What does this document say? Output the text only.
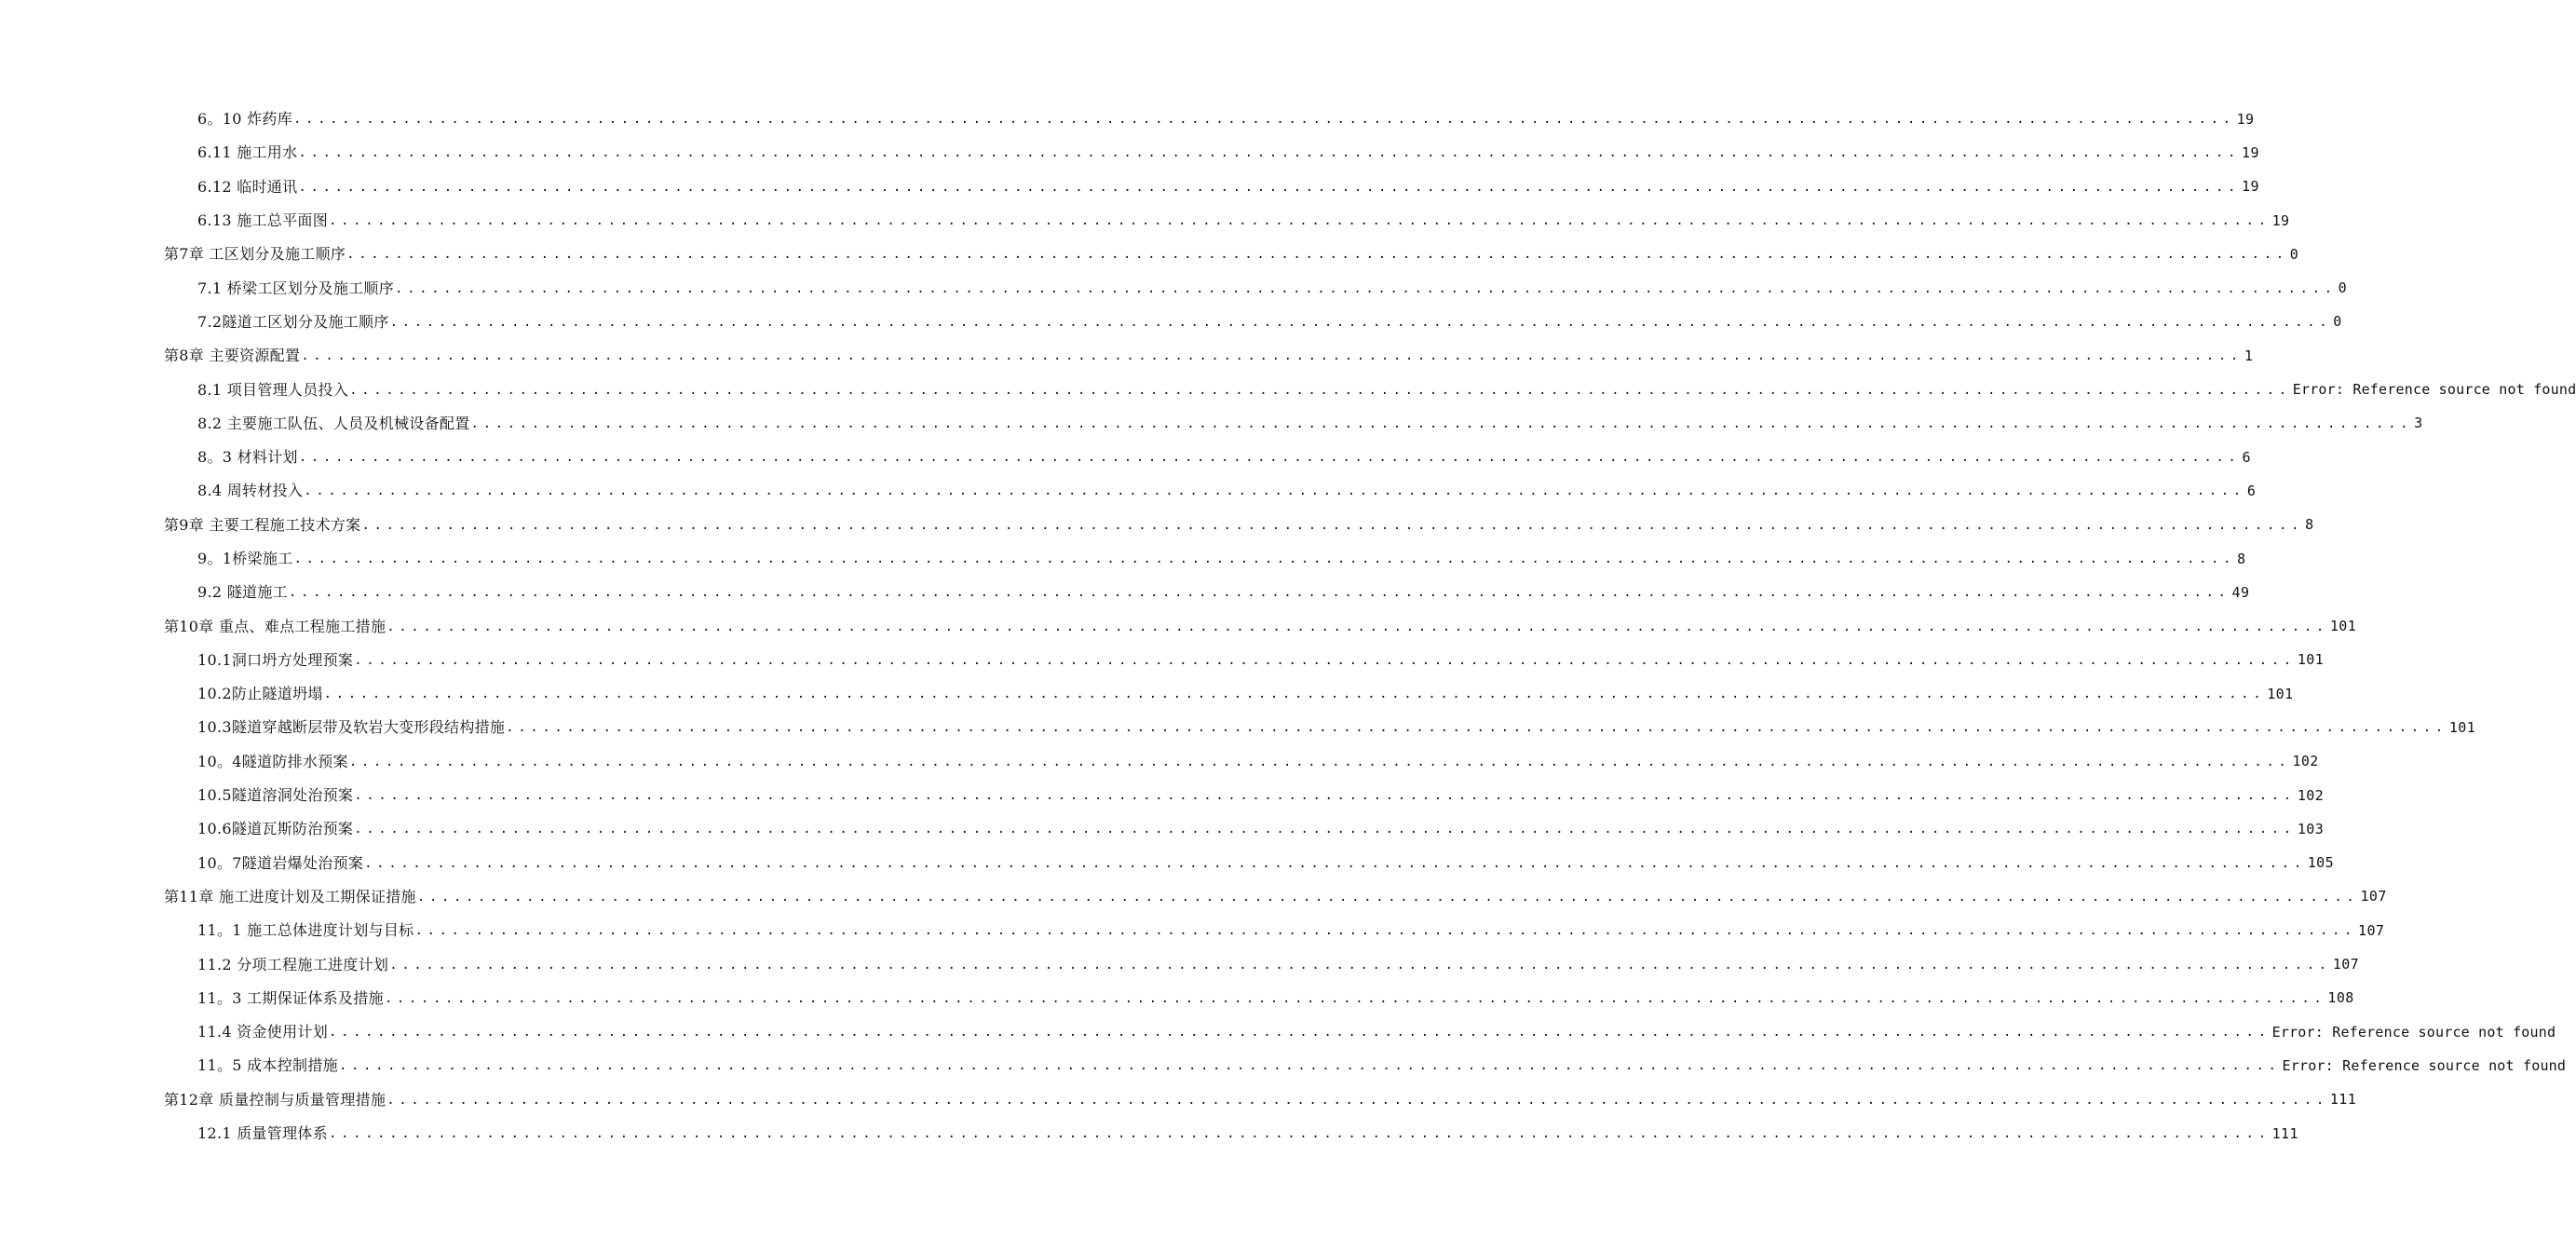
6。10 炸药库 ................................................................................................................................................................ 19
6.11 施工用水 ................................................................................................................................................................ 19
6.12 临时通讯 ................................................................................................................................................................ 19
6.13 施工总平面图 ................................................................................................................................................................ 19
第7章 工区划分及施工顺序 ................................................................................................................................................................ 0
7.1 桥梁工区划分及施工顺序 ................................................................................................................................................................ 0
7.2隧道工区划分及施工顺序 ................................................................................................................................................................ 0
第8章 主要资源配置 ................................................................................................................................................................ 1
8.1 项目管理人员投入 ................................................................................................................................................................ Error: Reference source not found
8.2 主要施工队伍、人员及机械设备配置 ................................................................................................................................................................ 3
8。3 材料计划 ................................................................................................................................................................ 6
8.4 周转材投入 ................................................................................................................................................................ 6
第9章 主要工程施工技术方案 ................................................................................................................................................................ 8
9。1桥梁施工 ................................................................................................................................................................ 8
9.2 隧道施工 ................................................................................................................................................................ 49
第10章 重点、难点工程施工措施 ................................................................................................................................................................ 101
10.1洞口坍方处理预案 ................................................................................................................................................................ 101
10.2防止隧道坍塌 ................................................................................................................................................................ 101
10.3隧道穿越断层带及软岩大变形段结构措施 ................................................................................................................................................................ 101
10。4隧道防排水预案 ................................................................................................................................................................ 102
10.5隧道溶洞处治预案 ................................................................................................................................................................ 102
10.6隧道瓦斯防治预案 ................................................................................................................................................................ 103
10。7隧道岩爆处治预案 ................................................................................................................................................................ 105
第11章 施工进度计划及工期保证措施 ................................................................................................................................................................ 107
11。1 施工总体进度计划与目标 ................................................................................................................................................................ 107
11.2 分项工程施工进度计划 ................................................................................................................................................................ 107
11。3 工期保证体系及措施 ................................................................................................................................................................ 108
11.4 资金使用计划 ................................................................................................................................................................ Error: Reference source not found
11。5 成本控制措施 ................................................................................................................................................................ Error: Reference source not found
第12章 质量控制与质量管理措施 ................................................................................................................................................................ 111
12.1 质量管理体系 ................................................................................................................................................................ 111
